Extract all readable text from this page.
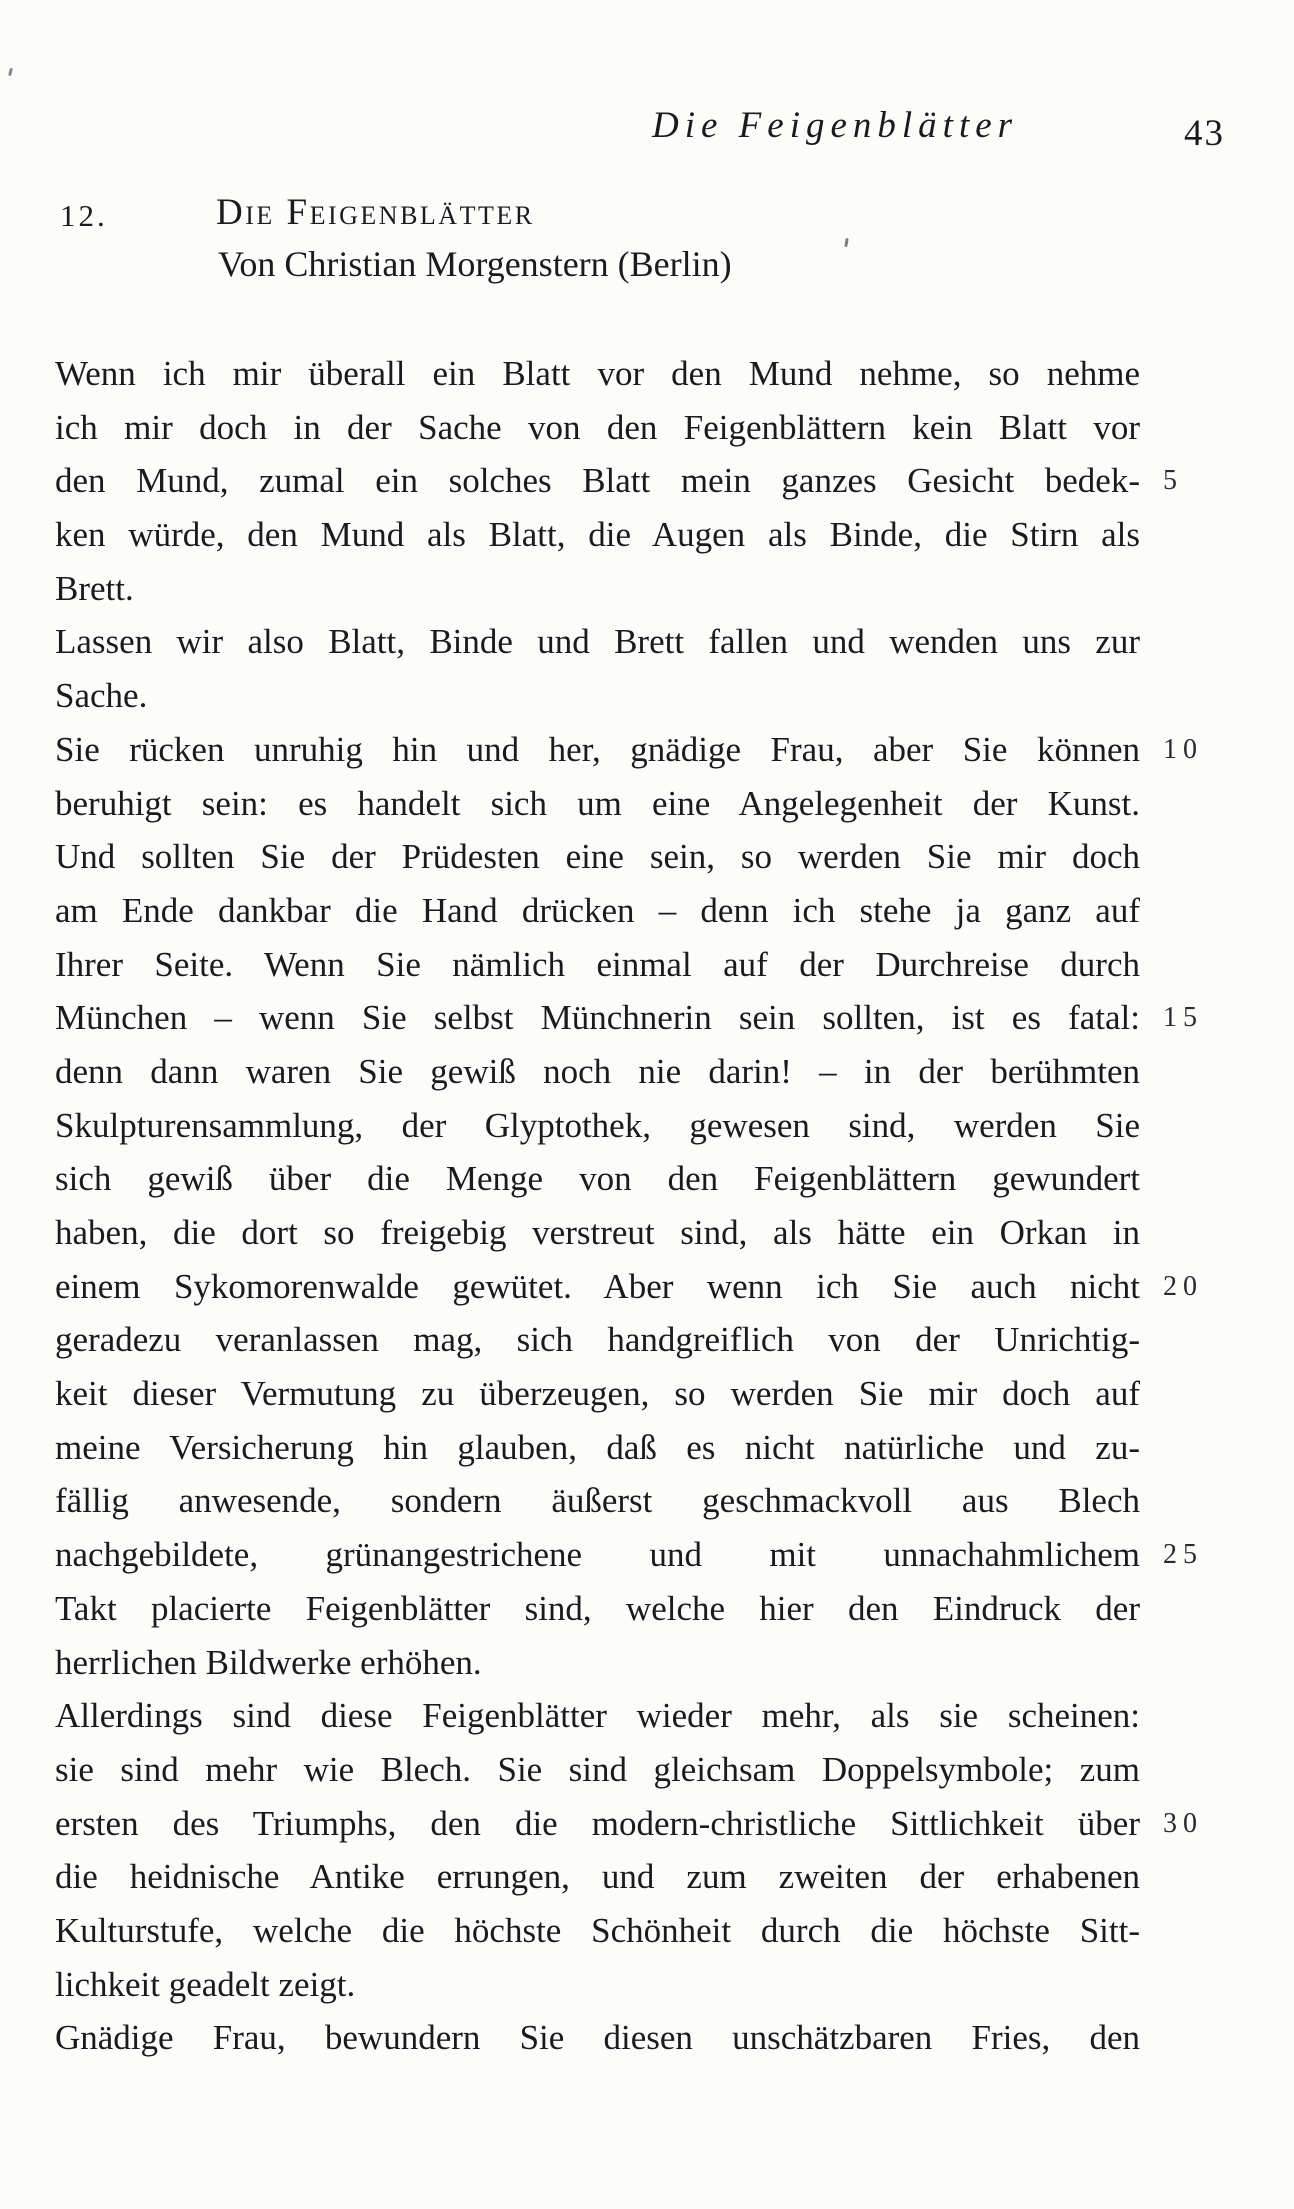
Die Feigenblätter	43
12.	Die Feigenblätter
Von Christian Morgenstern (Berlin)
Wenn ich mir überall ein Blatt vor den Mund nehme, so nehme
ich mir doch in der Sache von den Feigenblättern kein Blatt vor
den Mund, zumal ein solches Blatt mein ganzes Gesicht bedek- 5
ken würde, den Mund als Blatt, die Augen als Binde, die Stirn als
Brett.
Lassen wir also Blatt, Binde und Brett fallen und wenden uns zur
Sache.
Sie rücken unruhig hin und her, gnädige Frau, aber Sie können 10
beruhigt sein: es handelt sich um eine Angelegenheit der Kunst.
Und sollten Sie der Prüdesten eine sein, so werden Sie mir doch
am Ende dankbar die Hand drücken – denn ich stehe ja ganz auf
Ihrer Seite. Wenn Sie nämlich einmal auf der Durchreise durch
München – wenn Sie selbst Münchnerin sein sollten, ist es fatal: 15
denn dann waren Sie gewiß noch nie darin! – in der berühmten
Skulpturensammlung, der Glyptothek, gewesen sind, werden Sie
sich gewiß über die Menge von den Feigenblättern gewundert
haben, die dort so freigebig verstreut sind, als hätte ein Orkan in
einem Sykomorenwalde gewütet. Aber wenn ich Sie auch nicht 20
geradezu veranlassen mag, sich handgreiflich von der Unrichtig-
keit dieser Vermutung zu überzeugen, so werden Sie mir doch auf
meine Versicherung hin glauben, daß es nicht natürliche und zu-
fällig anwesende, sondern äußerst geschmackvoll aus Blech
nachgebildete, grünangestrichene und mit unnachahmlichem 25
Takt placierte Feigenblätter sind, welche hier den Eindruck der
herrlichen Bildwerke erhöhen.
Allerdings sind diese Feigenblätter wieder mehr, als sie scheinen:
sie sind mehr wie Blech. Sie sind gleichsam Doppelsymbole; zum
ersten des Triumphs, den die modern-christliche Sittlichkeit über 30
die heidnische Antike errungen, und zum zweiten der erhabenen
Kulturstufe, welche die höchste Schönheit durch die höchste Sitt-
lichkeit geadelt zeigt.
Gnädige Frau, bewundern Sie diesen unschätzbaren Fries, den
